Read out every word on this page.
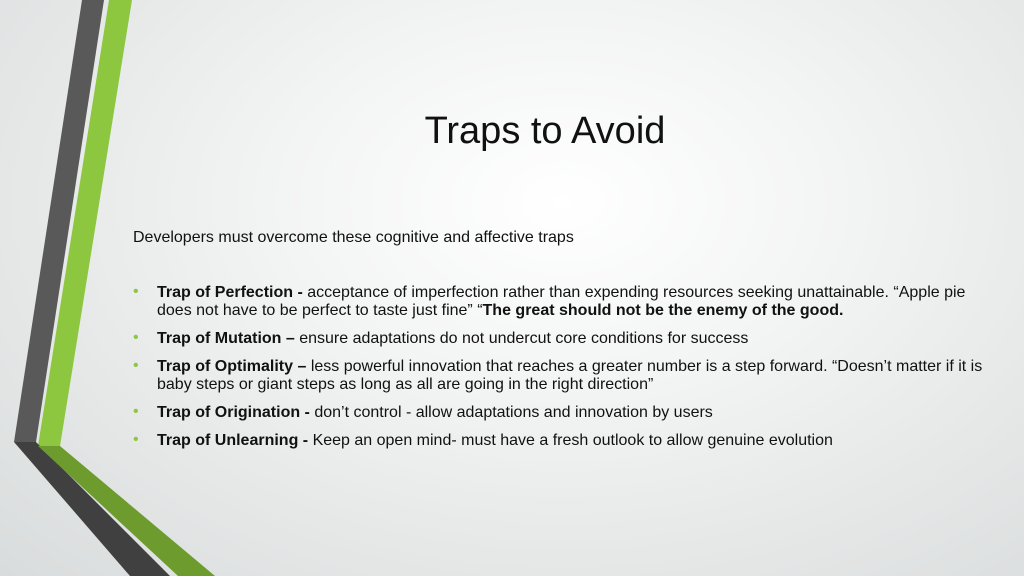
Traps to Avoid
Developers must overcome these cognitive and affective traps
• Trap of Perfection - acceptance of imperfection rather than expending resources seeking unattainable. “Apple pie does not have to be perfect to taste just fine” “The great should not be the enemy of the good.
• Trap of Mutation – ensure adaptations do not undercut core conditions for success
• Trap of Optimality – less powerful innovation that reaches a greater number is a step forward. “Doesn’t matter if it is baby steps or giant steps as long as all are going in the right direction”
• Trap of Origination - don’t control - allow adaptations and innovation by users
• Trap of Unlearning - Keep an open mind- must have a fresh outlook to allow genuine evolution
